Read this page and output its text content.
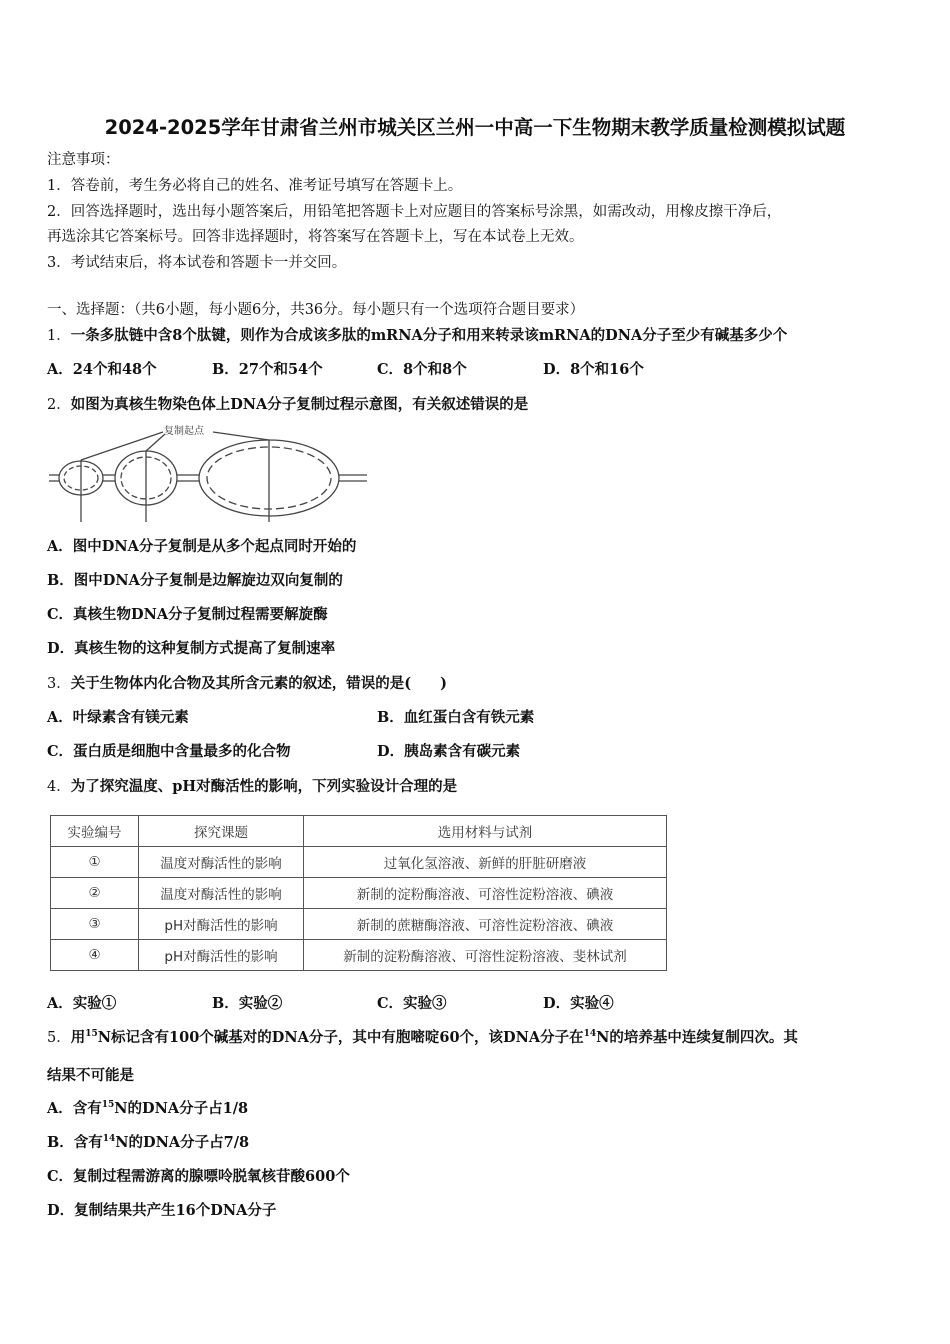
2024-2025学年甘肃省兰州市城关区兰州一中高一下生物期末教学质量检测模拟试题
注意事项：
1．答卷前，考生务必将自己的姓名、准考证号填写在答题卡上。
2．回答选择题时，选出每小题答案后，用铅笔把答题卡上对应题目的答案标号涂黑，如需改动，用橡皮擦干净后，
再选涂其它答案标号。回答非选择题时，将答案写在答题卡上，写在本试卷上无效。
3．考试结束后，将本试卷和答题卡一并交回。
一、选择题：（共6小题，每小题6分，共36分。每小题只有一个选项符合题目要求）
1．一条多肽链中含8个肽键，则作为合成该多肽的mRNA分子和用来转录该mRNA的DNA分子至少有碱基多少个
A．24个和48个	B．27个和54个	C．8个和8个	D．8个和16个
2．如图为真核生物染色体上DNA分子复制过程示意图，有关叙述错误的是
复制起点
A．图中DNA分子复制是从多个起点同时开始的
B．图中DNA分子复制是边解旋边双向复制的
C．真核生物DNA分子复制过程需要解旋酶
D．真核生物的这种复制方式提高了复制速率
3．关于生物体内化合物及其所含元素的叙述，错误的是(　　)
A．叶绿素含有镁元素	B．血红蛋白含有铁元素
C．蛋白质是细胞中含量最多的化合物	D．胰岛素含有碳元素
4．为了探究温度、pH对酶活性的影响，下列实验设计合理的是
实验编号	探究课题	选用材料与试剂
①	温度对酶活性的影响	过氧化氢溶液、新鲜的肝脏研磨液
②	温度对酶活性的影响	新制的淀粉酶溶液、可溶性淀粉溶液、碘液
③	pH对酶活性的影响	新制的蔗糖酶溶液、可溶性淀粉溶液、碘液
④	pH对酶活性的影响	新制的淀粉酶溶液、可溶性淀粉溶液、斐林试剂
A．实验①	B．实验②	C．实验③	D．实验④
5．用$^{15}$N标记含有100个碱基对的DNA分子，其中有胞嘧啶60个，该DNA分子在$^{14}$N的培养基中连续复制四次。其
结果不可能是
A．含有$^{15}$N的DNA分子占1/8
B．含有$^{14}$N的DNA分子占7/8
C．复制过程需游离的腺嘌呤脱氧核苷酸600个
D．复制结果共产生16个DNA分子
